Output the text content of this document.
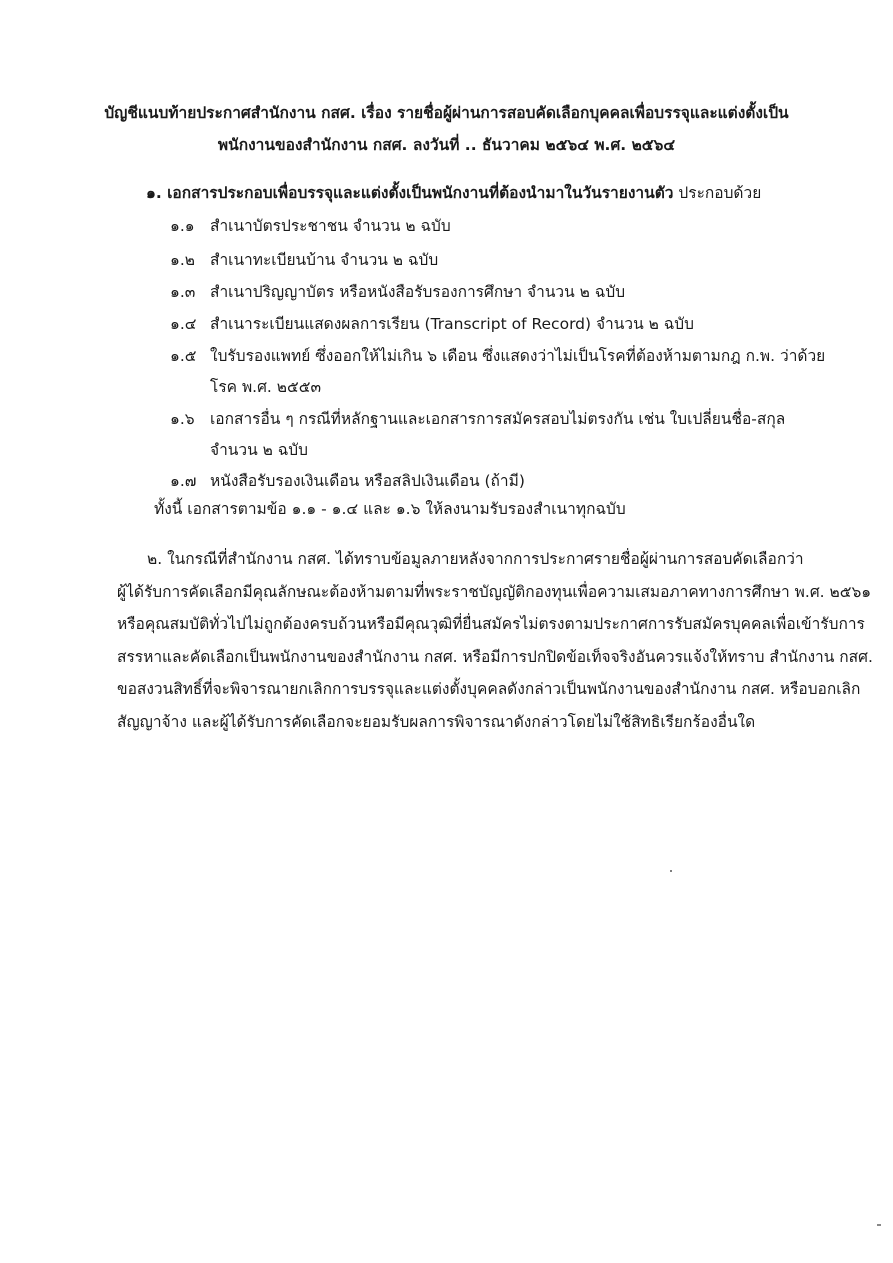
บัญชีแนบท้ายประกาศสำนักงาน กสศ. เรื่อง รายชื่อผู้ผ่านการสอบคัดเลือกบุคคลเพื่อบรรจุและแต่งตั้งเป็น
พนักงานของสำนักงาน กสศ. ลงวันที่ .. ธันวาคม ๒๕๖๔ พ.ศ. ๒๕๖๔
๑. เอกสารประกอบเพื่อบรรจุและแต่งตั้งเป็นพนักงานที่ต้องนำมาในวันรายงานตัว ประกอบด้วย
๑.๑ สำเนาบัตรประชาชน จำนวน ๒ ฉบับ
๑.๒ สำเนาทะเบียนบ้าน จำนวน ๒ ฉบับ
๑.๓ สำเนาปริญญาบัตร หรือหนังสือรับรองการศึกษา จำนวน ๒ ฉบับ
๑.๔ สำเนาระเบียนแสดงผลการเรียน (Transcript of Record) จำนวน ๒ ฉบับ
๑.๕ ใบรับรองแพทย์ ซึ่งออกให้ไม่เกิน ๖ เดือน ซึ่งแสดงว่าไม่เป็นโรคที่ต้องห้ามตามกฎ ก.พ. ว่าด้วย
โรค พ.ศ. ๒๕๕๓
๑.๖ เอกสารอื่น ๆ กรณีที่หลักฐานและเอกสารการสมัครสอบไม่ตรงกัน เช่น ใบเปลี่ยนชื่อ-สกุล
จำนวน ๒ ฉบับ
๑.๗ หนังสือรับรองเงินเดือน หรือสลิปเงินเดือน (ถ้ามี)
ทั้งนี้ เอกสารตามข้อ ๑.๑ - ๑.๔ และ ๑.๖ ให้ลงนามรับรองสำเนาทุกฉบับ
๒. ในกรณีที่สำนักงาน กสศ. ได้ทราบข้อมูลภายหลังจากการประกาศรายชื่อผู้ผ่านการสอบคัดเลือกว่า
ผู้ได้รับการคัดเลือกมีคุณลักษณะต้องห้ามตามที่พระราชบัญญัติกองทุนเพื่อความเสมอภาคทางการศึกษา พ.ศ. ๒๕๖๑
หรือคุณสมบัติทั่วไปไม่ถูกต้องครบถ้วนหรือมีคุณวุฒิที่ยื่นสมัครไม่ตรงตามประกาศการรับสมัครบุคคลเพื่อเข้ารับการ
สรรหาและคัดเลือกเป็นพนักงานของสำนักงาน กสศ. หรือมีการปกปิดข้อเท็จจริงอันควรแจ้งให้ทราบ สำนักงาน กสศ.
ขอสงวนสิทธิ์ที่จะพิจารณายกเลิกการบรรจุและแต่งตั้งบุคคลดังกล่าวเป็นพนักงานของสำนักงาน กสศ. หรือบอกเลิก
สัญญาจ้าง และผู้ได้รับการคัดเลือกจะยอมรับผลการพิจารณาดังกล่าวโดยไม่ใช้สิทธิเรียกร้องอื่นใด
